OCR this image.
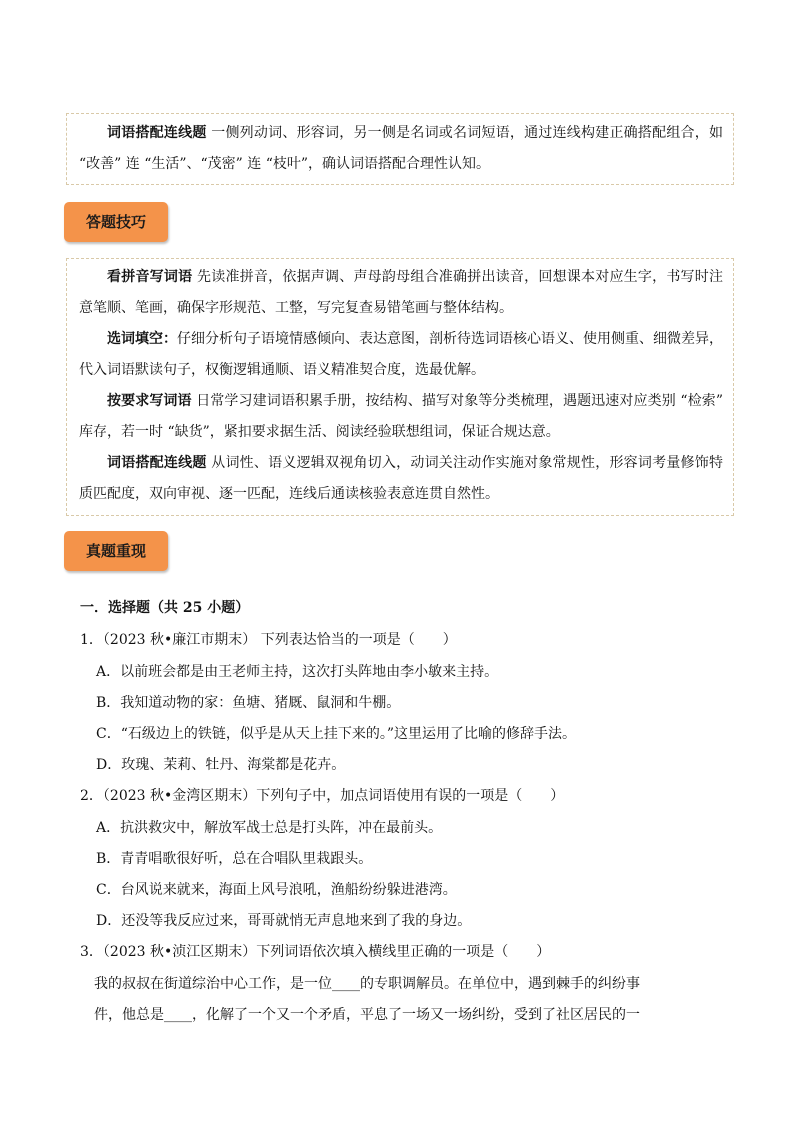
词语搭配连线题 一侧列动词、形容词，另一侧是名词或名词短语，通过连线构建正确搭配组合，如 “改善” 连 “生活”、“茂密” 连 “枝叶”，确认词语搭配合理性认知。

答题技巧

看拼音写词语 先读准拼音，依据声调、声母韵母组合准确拼出读音，回想课本对应生字，书写时注意笔顺、笔画，确保字形规范、工整，写完复查易错笔画与整体结构。

选词填空：仔细分析句子语境情感倾向、表达意图，剖析待选词语核心语义、使用侧重、细微差异，代入词语默读句子，权衡逻辑通顺、语义精准契合度，选最优解。

按要求写词语 日常学习建词语积累手册，按结构、描写对象等分类梳理，遇题迅速对应类别 “检索” 库存，若一时 “缺货”，紧扣要求据生活、阅读经验联想组词，保证合规达意。

词语搭配连线题 从词性、语义逻辑双视角切入，动词关注动作实施对象常规性，形容词考量修饰特质匹配度，双向审视、逐一匹配，连线后通读核验表意连贯自然性。

真题重现
一．选择题（共 25 小题）
1．（2023 秋•廉江市期末） 下列表达恰当的一项是（　　）
A．以前班会都是由王老师主持，这次打头阵地由李小敏来主持。
B．我知道动物的家：鱼塘、猪厩、鼠洞和牛棚。
C．“石级边上的铁链，似乎是从天上挂下来的。”这里运用了比喻的修辞手法。
D．玫瑰、茉莉、牡丹、海棠都是花卉。
2．（2023 秋•金湾区期末）下列句子中，加点词语使用有误的一项是（　　）
A．抗洪救灾中，解放军战士总是打头阵，冲在最前头。
B．青青唱歌很好听，总在合唱队里栽跟头。
C．台风说来就来，海面上风号浪吼，渔船纷纷躲进港湾。
D．还没等我反应过来，哥哥就悄无声息地来到了我的身边。
3．（2023 秋•浈江区期末）下列词语依次填入横线里正确的一项是（　　）
我的叔叔在街道综治中心工作，是一位____的专职调解员。在单位中，遇到棘手的纠纷事
件，他总是____，化解了一个又一个矛盾，平息了一场又一场纠纷，受到了社区居民的一
